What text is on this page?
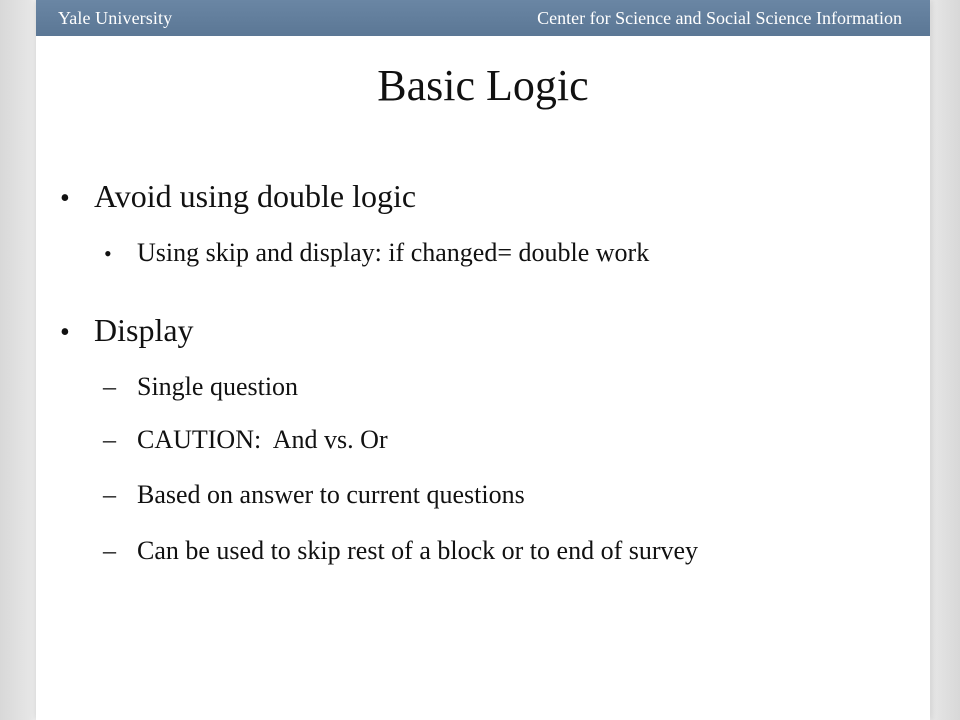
Yale University	Center for Science and Social Science Information
Basic Logic
• Avoid using double logic
• Using skip and display: if changed= double work
• Display
– Single question
– CAUTION:  And vs. Or
– Based on answer to current questions
– Can be used to skip rest of a block or to end of survey
